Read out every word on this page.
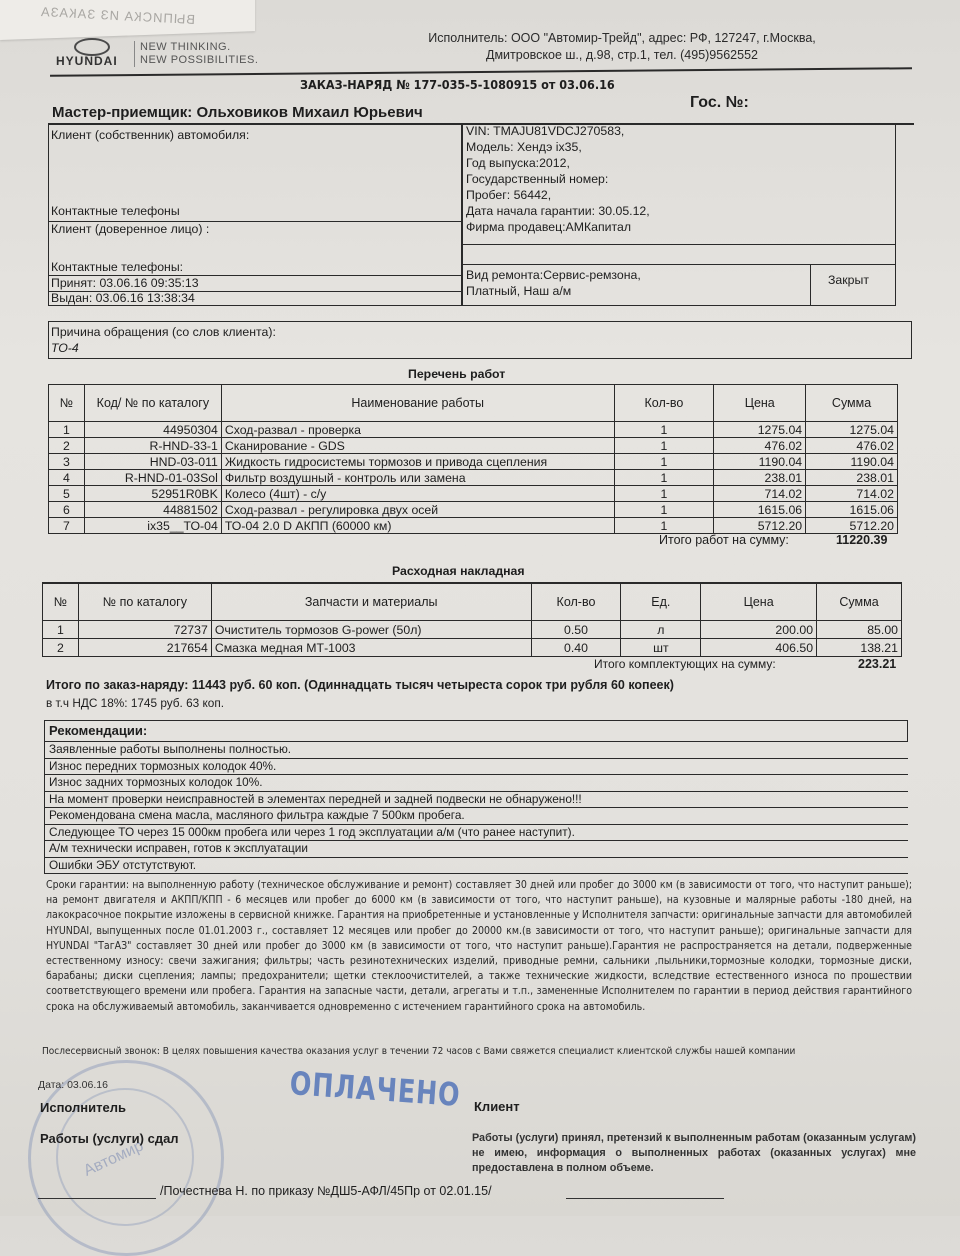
ВЫПИСКА ИЗ ЗАКАЗА
HYUNDAI
NEW THINKING.
NEW POSSIBILITIES.
Исполнитель: ООО "Автомир-Трейд", адрес: РФ, 127247, г.Москва,
Дмитровское ш., д.98, стр.1, тел. (495)9562552
ЗАКАЗ-НАРЯД № 177-035-5-1080915 от 03.06.16
Гос. №:
Мастер-приемщик: Ольховиков Михаил Юрьевич
Клиент (собственник) автомобиля:
Контактные телефоны
Клиент (доверенное лицо) :
Контактные телефоны:
Принят: 03.06.16 09:35:13
Выдан: 03.06.16 13:38:34
VIN: TMAJU81VDCJ270583,
Модель: Хендэ ix35,
Год выпуска:2012,
Государственный номер:
Пробег: 56442,
Дата начала гарантии: 30.05.12,
Фирма продавец:АМКапитал
Вид ремонта:Сервис-ремзона,
Платный, Наш а/м
Закрыт
Причина обращения (со слов клиента):
ТО-4
Перечень работ
№	Код/ № по каталогу	Наименование работы	Кол-во	Цена	Сумма
1	44950304	Сход-развал - проверка	1	1275.04	1275.04
2	R-HND-33-1	Сканирование - GDS	1	476.02	476.02
3	HND-03-011	Жидкость гидросистемы тормозов и привода сцепления	1	1190.04	1190.04
4	R-HND-01-03Sol	Фильтр воздушный - контроль или замена	1	238.01	238.01
5	52951R0BK	Колесо (4шт) - с/у	1	714.02	714.02
6	44881502	Сход-развал - регулировка двух осей	1	1615.06	1615.06
7	ix35__ТО-04	ТО-04 2.0 D АКПП (60000 км)	1	5712.20	5712.20
Итого работ на сумму:	11220.39
Расходная накладная
№	№ по каталогу	Запчасти и материалы	Кол-во	Ед.	Цена	Сумма
1	72737	Очиститель тормозов G-power (50л)	0.50	л	200.00	85.00
2	217654	Смазка медная МТ-1003	0.40	шт	406.50	138.21
Итого комплектующих на сумму:	223.21
Итого по заказ-наряду: 11443 руб. 60 коп. (Одиннадцать тысяч четыреста сорок три рубля 60 копеек)
в т.ч НДС 18%: 1745 руб. 63 коп.
Рекомендации:
Заявленные работы выполнены полностью.
Износ передних тормозных колодок 40%.
Износ задних тормозных колодок 10%.
На момент проверки неисправностей в элементах передней и задней подвески не обнаружено!!!
Рекомендована смена масла, масляного фильтра каждые 7 500км пробега.
Следующее ТО через 15 000км пробега или через 1 год эксплуатации а/м (что ранее наступит).
А/м технически исправен, готов к эксплуатации
Ошибки ЭБУ отстутствуют.
Сроки гарантии: на выполненную работу (техническое обслуживание и ремонт) составляет 30 дней или пробег до 3000 км (в зависимости от того, что наступит раньше); на ремонт двигателя и АКПП/КПП - 6 месяцев или пробег до 6000 км (в зависимости от того, что наступит раньше), на кузовные и малярные работы -180 дней, на лакокрасочное покрытие изложены в сервисной книжке. Гарантия на приобретенные и установленные у Исполнителя запчасти: оригинальные запчасти для автомобилей HYUNDAI, выпущенных после 01.01.2003 г., составляет 12 месяцев или пробег до 20000 км.(в зависимости от того, что наступит раньше); оригинальные запчасти для HYUNDAI "ТагАЗ" составляет 30 дней или пробег до 3000 км (в зависимости от того, что наступит раньше).Гарантия не распространяется на детали, подверженные естественному износу: свечи зажигания; фильтры; часть резинотехнических изделий, приводные ремни, сальники ,пыльники,тормозные колодки, тормозные диски, барабаны; диски сцепления; лампы; предохранители; щетки стеклоочистителей, а также технические жидкости, вследствие естественного износа по прошествии соответствующего времени или пробега. Гарантия на запасные части, детали, агрегаты и т.п., замененные Исполнителем по гарантии в период действия гарантийного срока на обслуживаемый автомобиль, заканчивается одновременно с истечением гарантийного срока на автомобиль.
Послесервисный звонок: В целях повышения качества оказания услуг в течении 72 часов с Вами свяжется специалист клиентской службы нашей компании
Автомир
ОПЛАЧЕНО
Дата: 03.06.16
Исполнитель
Работы (услуги) сдал
/Почестнева Н. по приказу №ДШ5-АФЛ/45Пр от 02.01.15/
Клиент
Работы (услуги) принял, претензий к выполненным работам (оказанным услугам) не имею, информация о выполненных работах (оказанных услугах) мне предоставлена в полном объеме.
